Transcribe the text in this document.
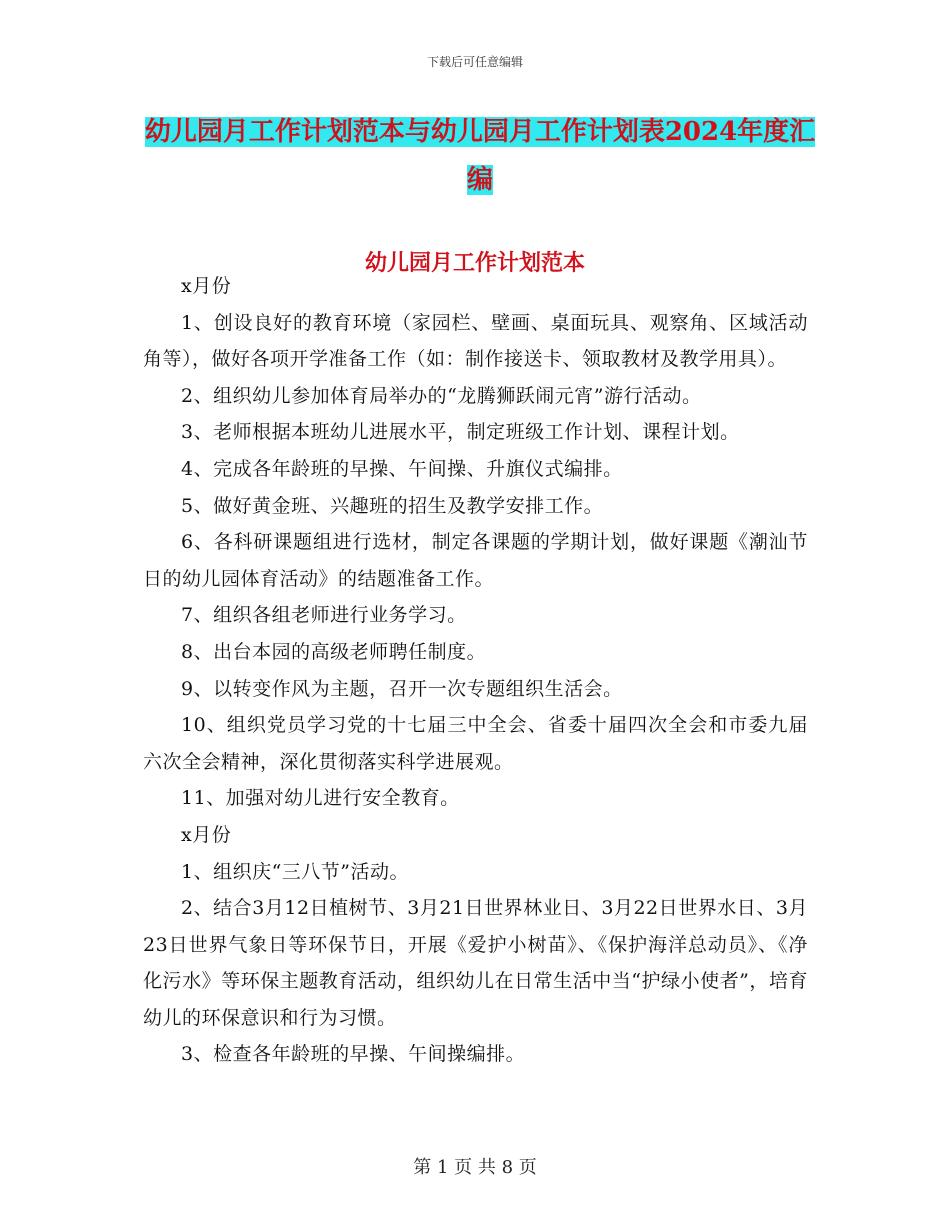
下载后可任意编辑
幼儿园月工作计划范本与幼儿园月工作计划表2024年度汇编
幼儿园月工作计划范本

x月份

1、创设良好的教育环境（家园栏、壁画、桌面玩具、观察角、区域活动角等），做好各项开学准备工作（如：制作接送卡、领取教材及教学用具）。

2、组织幼儿参加体育局举办的“龙腾狮跃闹元宵”游行活动。

3、老师根据本班幼儿进展水平，制定班级工作计划、课程计划。

4、完成各年龄班的早操、午间操、升旗仪式编排。

5、做好黄金班、兴趣班的招生及教学安排工作。

6、各科研课题组进行选材，制定各课题的学期计划，做好课题《潮汕节日的幼儿园体育活动》的结题准备工作。

7、组织各组老师进行业务学习。

8、出台本园的高级老师聘任制度。

9、以转变作风为主题，召开一次专题组织生活会。

10、组织党员学习党的十七届三中全会、省委十届四次全会和市委九届六次全会精神，深化贯彻落实科学进展观。

11、加强对幼儿进行安全教育。

x月份

1、组织庆“三八节”活动。

2、结合3月12日植树节、3月21日世界林业日、3月22日世界水日、3月23日世界气象日等环保节日，开展《爱护小树苗》、《保护海洋总动员》、《净化污水》等环保主题教育活动，组织幼儿在日常生活中当“护绿小使者”，培育幼儿的环保意识和行为习惯。

3、检查各年龄班的早操、午间操编排。

第 1 页 共 8 页
